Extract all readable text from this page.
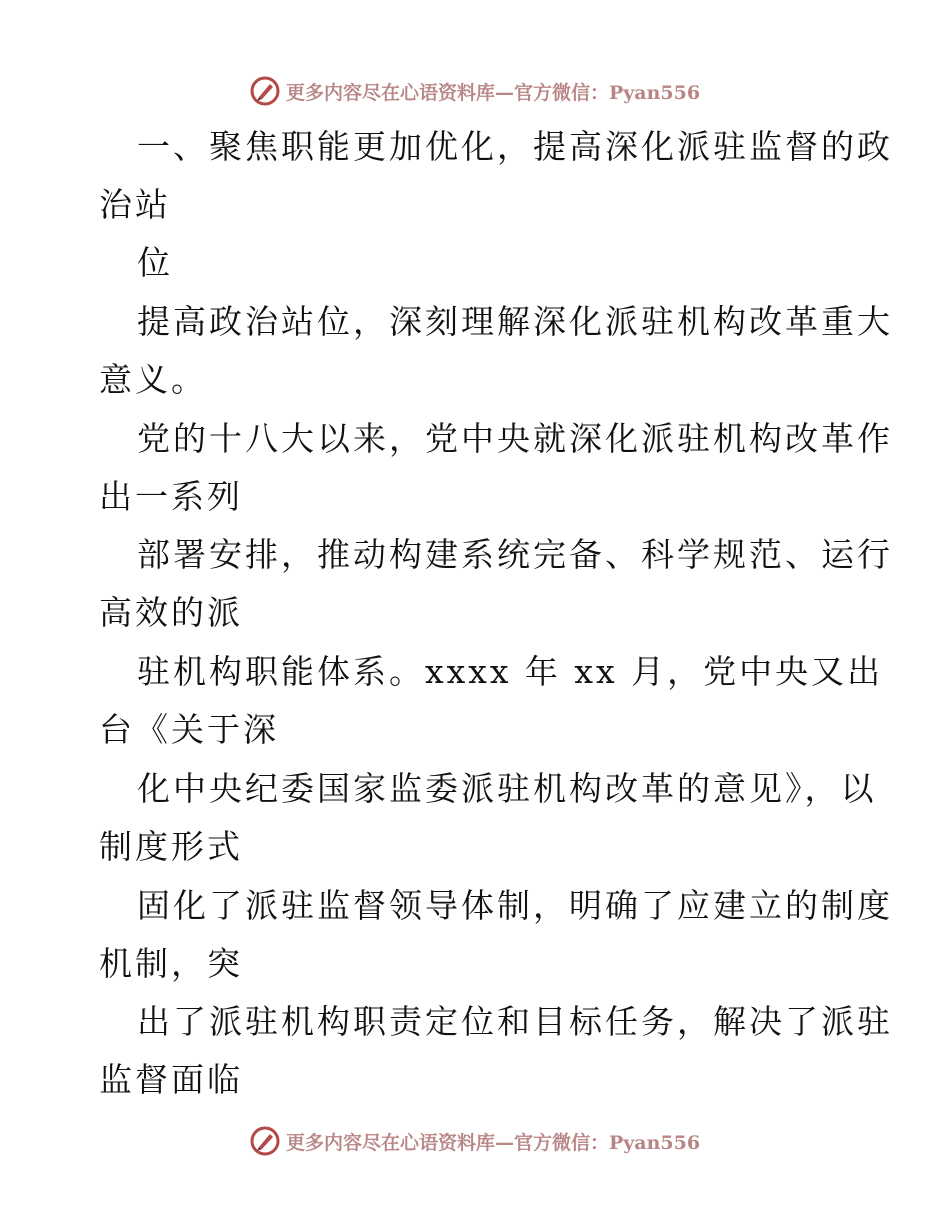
更多内容尽在心语资料库—官方微信：Pyan556
一、聚焦职能更加优化，提高深化派驻监督的政
治站
位
提高政治站位，深刻理解深化派驻机构改革重大
意义。
党的十八大以来，党中央就深化派驻机构改革作
出一系列
部署安排，推动构建系统完备、科学规范、运行
高效的派
驻机构职能体系。xxxx 年 xx 月，党中央又出
台《关于深
化中央纪委国家监委派驻机构改革的意见》，以
制度形式
固化了派驻监督领导体制，明确了应建立的制度
机制，突
出了派驻机构职责定位和目标任务，解决了派驻
监督面临
更多内容尽在心语资料库—官方微信：Pyan556
